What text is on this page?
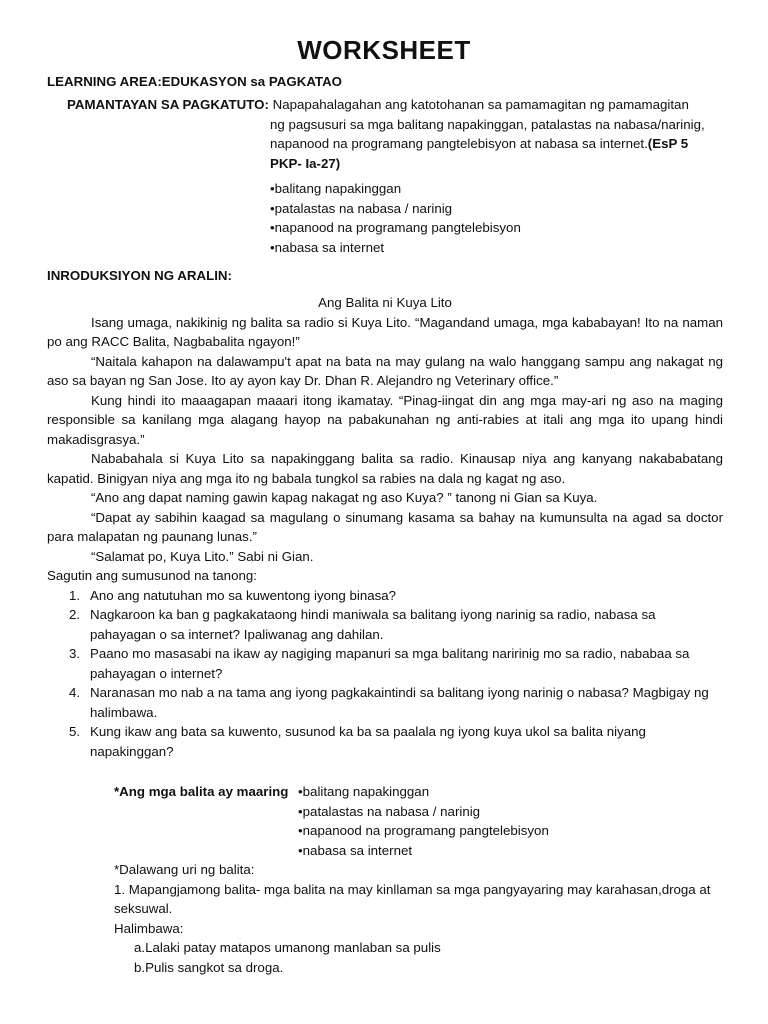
WORKSHEET
LEARNING AREA:EDUKASYON sa PAGKATAO
PAMANTAYAN SA PAGKATUTO: Napapahalagahan ang katotohanan sa pamamagitan ng pamamagitan
ng pagsusuri sa mga balitang napakinggan, patalastas na nabasa/narinig,
napanood na programang pangtelebisyon at nabasa sa internet.(EsP 5
PKP- Ia-27)
•balitang napakinggan
•patalastas na nabasa / narinig
•napanood na programang pangtelebisyon
•nabasa sa internet
INRODUKSIYON NG ARALIN:
Ang Balita ni Kuya Lito

Isang umaga, nakikinig ng balita sa radio si Kuya Lito. “Magandand umaga, mga kababayan! Ito na naman po ang RACC Balita, Nagbabalita ngayon!”

“Naitala kahapon na dalawampu't apat na bata na may gulang na walo hanggang sampu ang nakagat ng aso sa bayan ng San Jose. Ito ay ayon kay Dr. Dhan R. Alejandro ng Veterinary office.”

Kung hindi ito maaagapan maaari itong ikamatay. “Pinag-iingat din ang mga may-ari ng aso na maging responsible sa kanilang mga alagang hayop na pabakunahan ng anti-rabies at itali ang mga ito upang hindi makadisgrasya.”

Nababahala si Kuya Lito sa napakinggang balita sa radio. Kinausap niya ang kanyang nakababatang kapatid. Binigyan niya ang mga ito ng babala tungkol sa rabies na dala ng kagat ng aso.

“Ano ang dapat naming gawin kapag nakagat ng aso Kuya? ” tanong ni Gian sa Kuya.

“Dapat ay sabihin kaagad sa magulang o sinumang kasama sa bahay na kumunsulta na agad sa doctor para malapatan ng paunang lunas.”

“Salamat po, Kuya Lito.” Sabi ni Gian.

Sagutin ang sumusunod na tanong:

1. Ano ang natutuhan mo sa kuwentong iyong binasa?
2. Nagkaroon ka ban g pagkakataong hindi maniwala sa balitang iyong narinig sa radio, nabasa sa pahayagan o sa internet? Ipaliwanag ang dahilan.
3. Paano mo masasabi na ikaw ay nagiging mapanuri sa mga balitang naririnig mo sa radio, nababaa sa pahayagan o internet?
4. Naranasan mo nab a na tama ang iyong pagkakaintindi sa balitang iyong narinig o nabasa? Magbigay ng halimbawa.
5. Kung ikaw ang bata sa kuwento, susunod ka ba sa paalala ng iyong kuya ukol sa balita niyang napakinggan?
*Ang mga balita ay maaring •balitang napakinggan
•patalastas na nabasa / narinig
•napanood na programang pangtelebisyon
•nabasa sa internet

*Dalawang uri ng balita:

1. Mapangjamong balita- mga balita na may kinllaman sa mga pangyayaring may karahasan,droga at seksuwal.

Halimbawa:

a.Lalaki patay matapos umanong manlaban sa pulis

b.Pulis sangkot sa droga.
